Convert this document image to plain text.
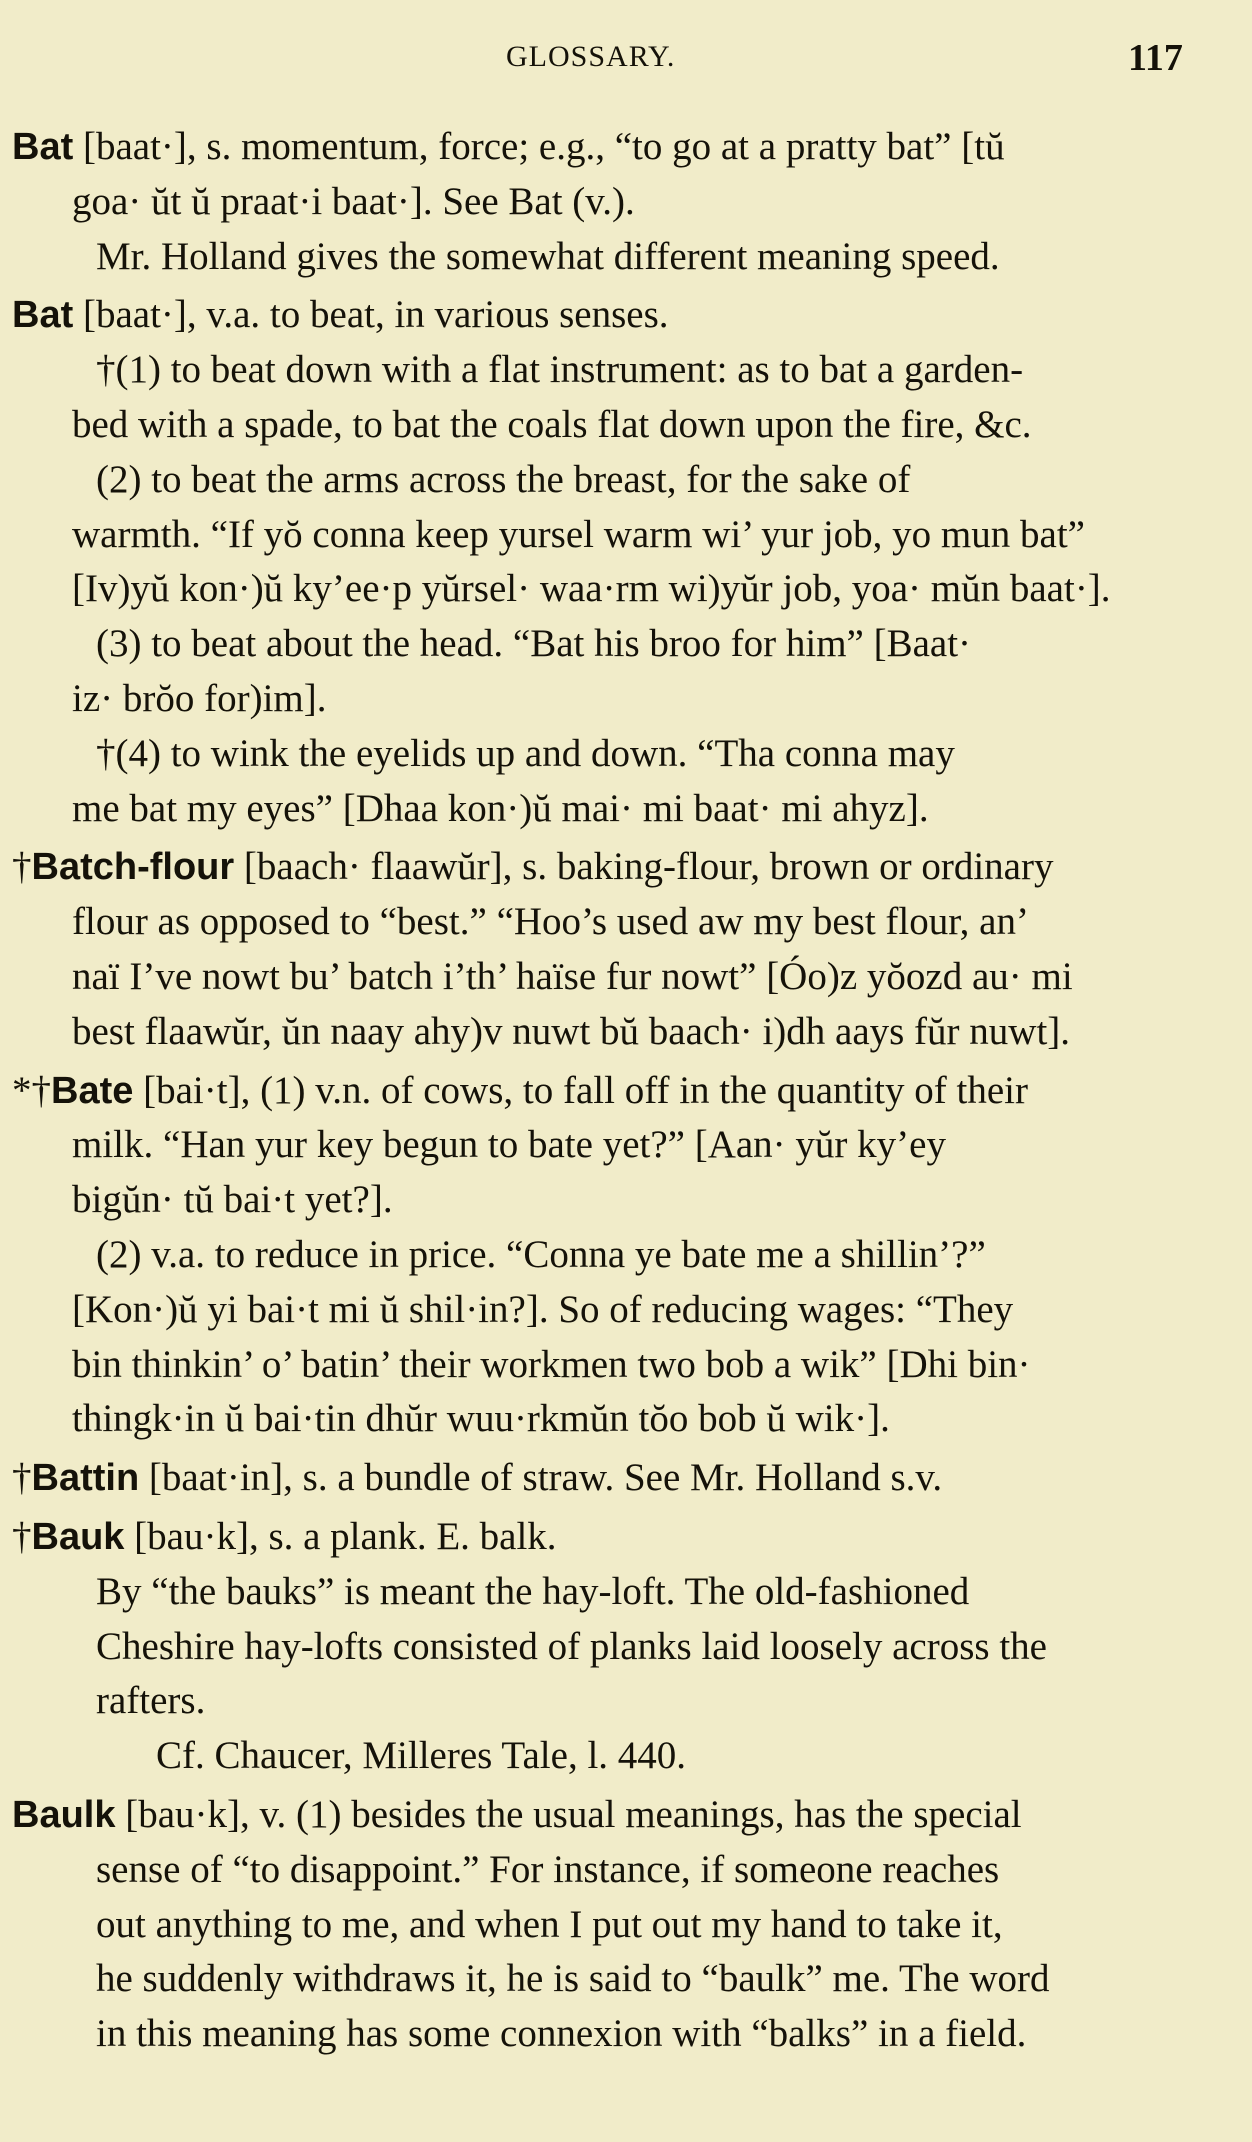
GLOSSARY.	117
Bat [baat·], s. momentum, force; e.g., “to go at a pratty bat” [tŭ
goa· ŭt ŭ praat·i baat·]. See Bat (v.).
Mr. Holland gives the somewhat different meaning speed.
Bat [baat·], v.a. to beat, in various senses.
†(1) to beat down with a flat instrument: as to bat a garden-
bed with a spade, to bat the coals flat down upon the fire, &c.
(2) to beat the arms across the breast, for the sake of
warmth. “If yŏ conna keep yursel warm wi’ yur job, yo mun bat”
[Iv)yŭ kon·)ŭ ky’ee·p yŭrsel· waa·rm wi)yŭr job, yoa· mŭn baat·].
(3) to beat about the head. “Bat his broo for him” [Baat·
iz· brŏo for)im].
†(4) to wink the eyelids up and down. “Tha conna may
me bat my eyes” [Dhaa kon·)ŭ mai· mi baat· mi ahyz].
†Batch-flour [baach· flaawŭr], s. baking-flour, brown or ordinary
flour as opposed to “best.” “Hoo’s used aw my best flour, an’
naï I’ve nowt bu’ batch i’th’ haïse fur nowt” [Óo)z yŏozd au· mi
best flaawŭr, ŭn naay ahy)v nuwt bŭ baach· i)dh aays fŭr nuwt].
*†Bate [bai·t], (1) v.n. of cows, to fall off in the quantity of their
milk. “Han yur key begun to bate yet?” [Aan· yŭr ky’ey
bigŭn· tŭ bai·t yet?].
(2) v.a. to reduce in price. “Conna ye bate me a shillin’?”
[Kon·)ŭ yi bai·t mi ŭ shil·in?]. So of reducing wages: “They
bin thinkin’ o’ batin’ their workmen two bob a wik” [Dhi bin·
thingk·in ŭ bai·tin dhŭr wuu·rkmŭn tŏo bob ŭ wik·].
†Battin [baat·in], s. a bundle of straw. See Mr. Holland s.v.
†Bauk [bau·k], s. a plank. E. balk.
By “the bauks” is meant the hay-loft. The old-fashioned
Cheshire hay-lofts consisted of planks laid loosely across the
rafters.
Cf. Chaucer, Milleres Tale, l. 440.
Baulk [bau·k], v. (1) besides the usual meanings, has the special
sense of “to disappoint.” For instance, if someone reaches
out anything to me, and when I put out my hand to take it,
he suddenly withdraws it, he is said to “baulk” me. The word
in this meaning has some connexion with “balks” in a field.
